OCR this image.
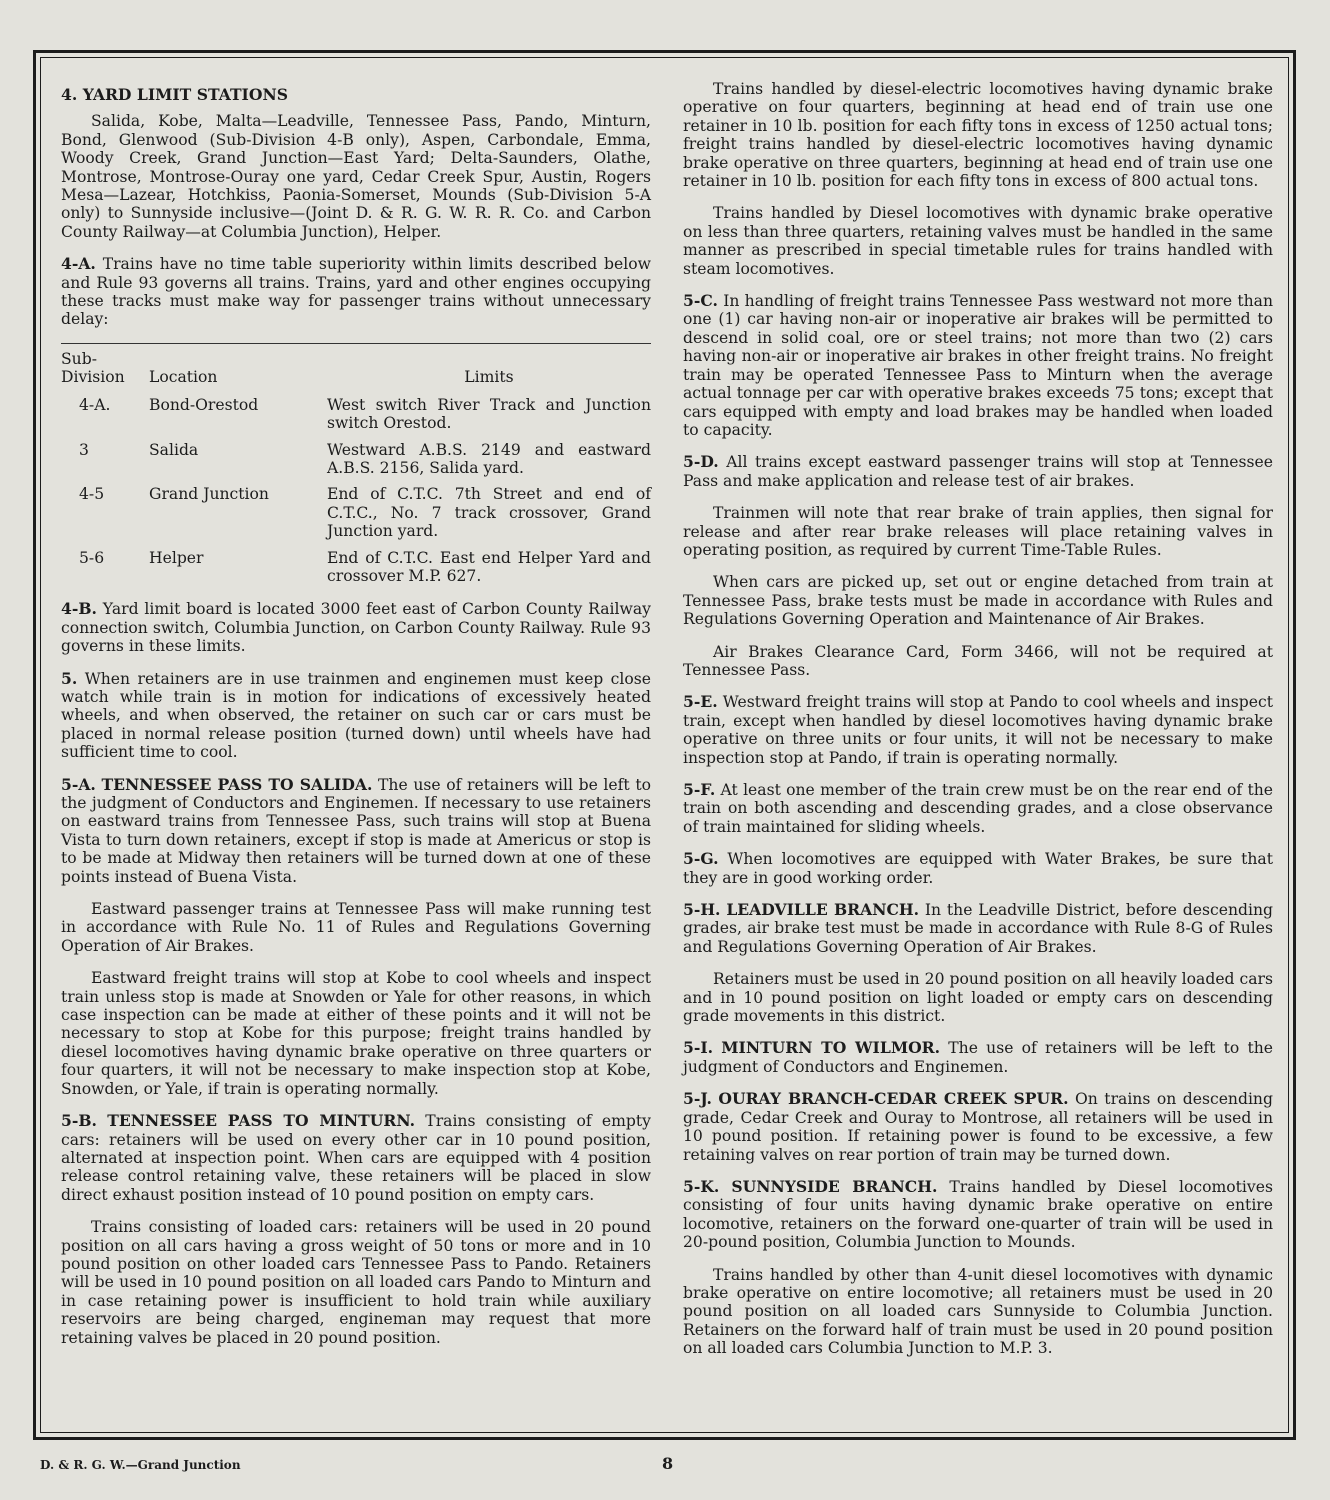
4. YARD LIMIT STATIONS

Salida, Kobe, Malta—Leadville, Tennessee Pass, Pando, Minturn, Bond, Glenwood (Sub-Division 4-B only), Aspen, Carbondale, Emma, Woody Creek, Grand Junction—East Yard; Delta-Saunders, Olathe, Montrose, Montrose-Ouray one yard, Cedar Creek Spur, Austin, Rogers Mesa—Lazear, Hotchkiss, Paonia-Somerset, Mounds (Sub-Division 5-A only) to Sunnyside inclusive—(Joint D. & R. G. W. R. R. Co. and Carbon County Railway—at Columbia Junction), Helper.

4-A. Trains have no time table superiority within limits described below and Rule 93 governs all trains. Trains, yard and other engines occupying these tracks must make way for passenger trains without unnecessary delay:

Sub-
Division	Location	Limits
4-A.	Bond-Orestod	West switch River Track and Junction switch Orestod.
3	Salida	Westward A.B.S. 2149 and eastward A.B.S. 2156, Salida yard.
4-5	Grand Junction	End of C.T.C. 7th Street and end of C.T.C., No. 7 track crossover, Grand Junction yard.
5-6	Helper	End of C.T.C. East end Helper Yard and crossover M.P. 627.

4-B. Yard limit board is located 3000 feet east of Carbon County Railway connection switch, Columbia Junction, on Carbon County Railway. Rule 93 governs in these limits.

5. When retainers are in use trainmen and enginemen must keep close watch while train is in motion for indications of excessively heated wheels, and when observed, the retainer on such car or cars must be placed in normal release position (turned down) until wheels have had sufficient time to cool.

5-A. TENNESSEE PASS TO SALIDA. The use of retainers will be left to the judgment of Conductors and Enginemen. If necessary to use retainers on eastward trains from Tennessee Pass, such trains will stop at Buena Vista to turn down retainers, except if stop is made at Americus or stop is to be made at Midway then retainers will be turned down at one of these points instead of Buena Vista.

Eastward passenger trains at Tennessee Pass will make running test in accordance with Rule No. 11 of Rules and Regulations Governing Operation of Air Brakes.

Eastward freight trains will stop at Kobe to cool wheels and inspect train unless stop is made at Snowden or Yale for other reasons, in which case inspection can be made at either of these points and it will not be necessary to stop at Kobe for this purpose; freight trains handled by diesel locomotives having dynamic brake operative on three quarters or four quarters, it will not be necessary to make inspection stop at Kobe, Snowden, or Yale, if train is operating normally.

5-B. TENNESSEE PASS TO MINTURN. Trains consisting of empty cars: retainers will be used on every other car in 10 pound position, alternated at inspection point. When cars are equipped with 4 position release control retaining valve, these retainers will be placed in slow direct exhaust position instead of 10 pound position on empty cars.

Trains consisting of loaded cars: retainers will be used in 20 pound position on all cars having a gross weight of 50 tons or more and in 10 pound position on other loaded cars Tennessee Pass to Pando. Retainers will be used in 10 pound position on all loaded cars Pando to Minturn and in case retaining power is insufficient to hold train while auxiliary reservoirs are being charged, engineman may request that more retaining valves be placed in 20 pound position.

Trains handled by diesel-electric locomotives having dynamic brake operative on four quarters, beginning at head end of train use one retainer in 10 lb. position for each fifty tons in excess of 1250 actual tons; freight trains handled by diesel-electric locomotives having dynamic brake operative on three quarters, beginning at head end of train use one retainer in 10 lb. position for each fifty tons in excess of 800 actual tons.

Trains handled by Diesel locomotives with dynamic brake operative on less than three quarters, retaining valves must be handled in the same manner as prescribed in special timetable rules for trains handled with steam locomotives.

5-C. In handling of freight trains Tennessee Pass westward not more than one (1) car having non-air or inoperative air brakes will be permitted to descend in solid coal, ore or steel trains; not more than two (2) cars having non-air or inoperative air brakes in other freight trains. No freight train may be operated Tennessee Pass to Minturn when the average actual tonnage per car with operative brakes exceeds 75 tons; except that cars equipped with empty and load brakes may be handled when loaded to capacity.

5-D. All trains except eastward passenger trains will stop at Tennessee Pass and make application and release test of air brakes.

Trainmen will note that rear brake of train applies, then signal for release and after rear brake releases will place retaining valves in operating position, as required by current Time-Table Rules.

When cars are picked up, set out or engine detached from train at Tennessee Pass, brake tests must be made in accordance with Rules and Regulations Governing Operation and Maintenance of Air Brakes.

Air Brakes Clearance Card, Form 3466, will not be required at Tennessee Pass.

5-E. Westward freight trains will stop at Pando to cool wheels and inspect train, except when handled by diesel locomotives having dynamic brake operative on three units or four units, it will not be necessary to make inspection stop at Pando, if train is operating normally.

5-F. At least one member of the train crew must be on the rear end of the train on both ascending and descending grades, and a close observance of train maintained for sliding wheels.

5-G. When locomotives are equipped with Water Brakes, be sure that they are in good working order.

5-H. LEADVILLE BRANCH. In the Leadville District, before descending grades, air brake test must be made in accordance with Rule 8-G of Rules and Regulations Governing Operation of Air Brakes.

Retainers must be used in 20 pound position on all heavily loaded cars and in 10 pound position on light loaded or empty cars on descending grade movements in this district.

5-I. MINTURN TO WILMOR. The use of retainers will be left to the judgment of Conductors and Enginemen.

5-J. OURAY BRANCH-CEDAR CREEK SPUR. On trains on descending grade, Cedar Creek and Ouray to Montrose, all retainers will be used in 10 pound position. If retaining power is found to be excessive, a few retaining valves on rear portion of train may be turned down.

5-K. SUNNYSIDE BRANCH. Trains handled by Diesel locomotives consisting of four units having dynamic brake operative on entire locomotive, retainers on the forward one-quarter of train will be used in 20-pound position, Columbia Junction to Mounds.

Trains handled by other than 4-unit diesel locomotives with dynamic brake operative on entire locomotive; all retainers must be used in 20 pound position on all loaded cars Sunnyside to Columbia Junction. Retainers on the forward half of train must be used in 20 pound position on all loaded cars Columbia Junction to M.P. 3.

D. & R. G. W.—Grand Junction	8
